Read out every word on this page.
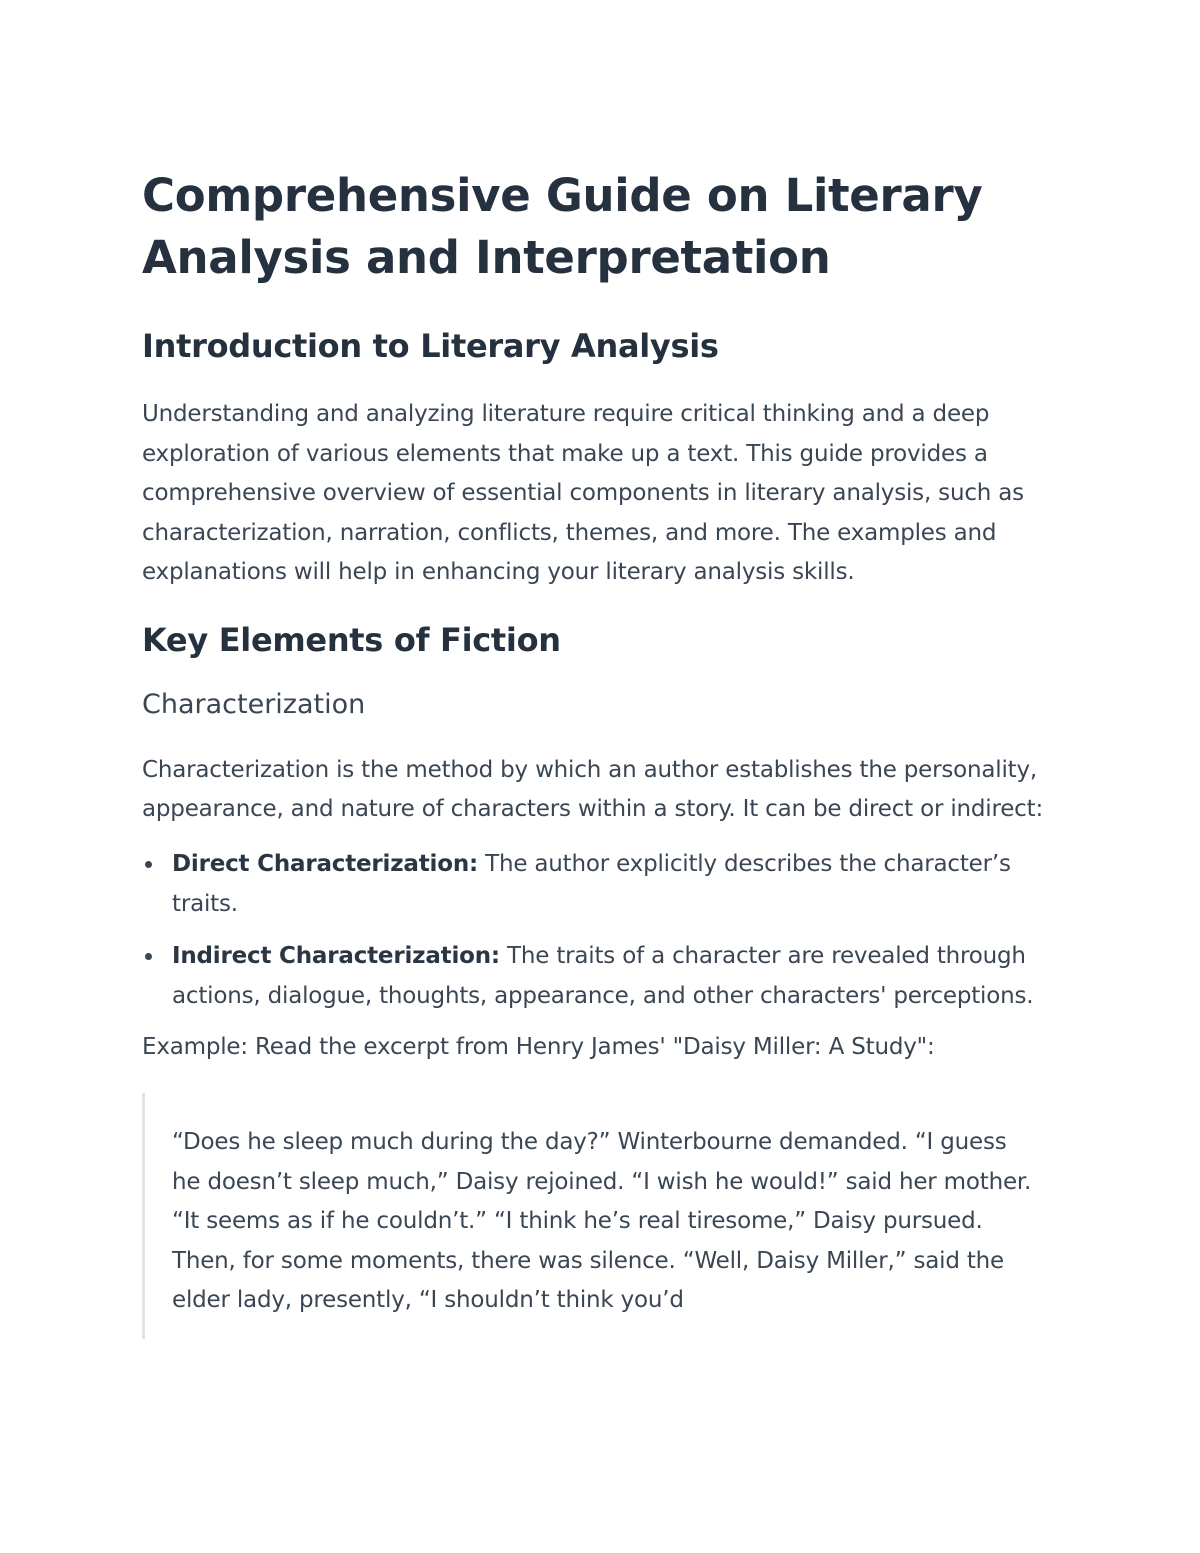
Comprehensive Guide on Literary Analysis and Interpretation
Introduction to Literary Analysis

Understanding and analyzing literature require critical thinking and a deep exploration of various elements that make up a text. This guide provides a comprehensive overview of essential components in literary analysis, such as characterization, narration, conflicts, themes, and more. The examples and explanations will help in enhancing your literary analysis skills.

Key Elements of Fiction
Characterization

Characterization is the method by which an author establishes the personality, appearance, and nature of characters within a story. It can be direct or indirect:

Direct Characterization: The author explicitly describes the character’s traits.
Indirect Characterization: The traits of a character are revealed through actions, dialogue, thoughts, appearance, and other characters' perceptions.

Example: Read the excerpt from Henry James' "Daisy Miller: A Study":

“Does he sleep much during the day?” Winterbourne demanded. “I guess he doesn’t sleep much,” Daisy rejoined. “I wish he would!” said her mother. “It seems as if he couldn’t.” “I think he’s real tiresome,” Daisy pursued. Then, for some moments, there was silence. “Well, Daisy Miller,” said the elder lady, presently, “I shouldn’t think you’d
